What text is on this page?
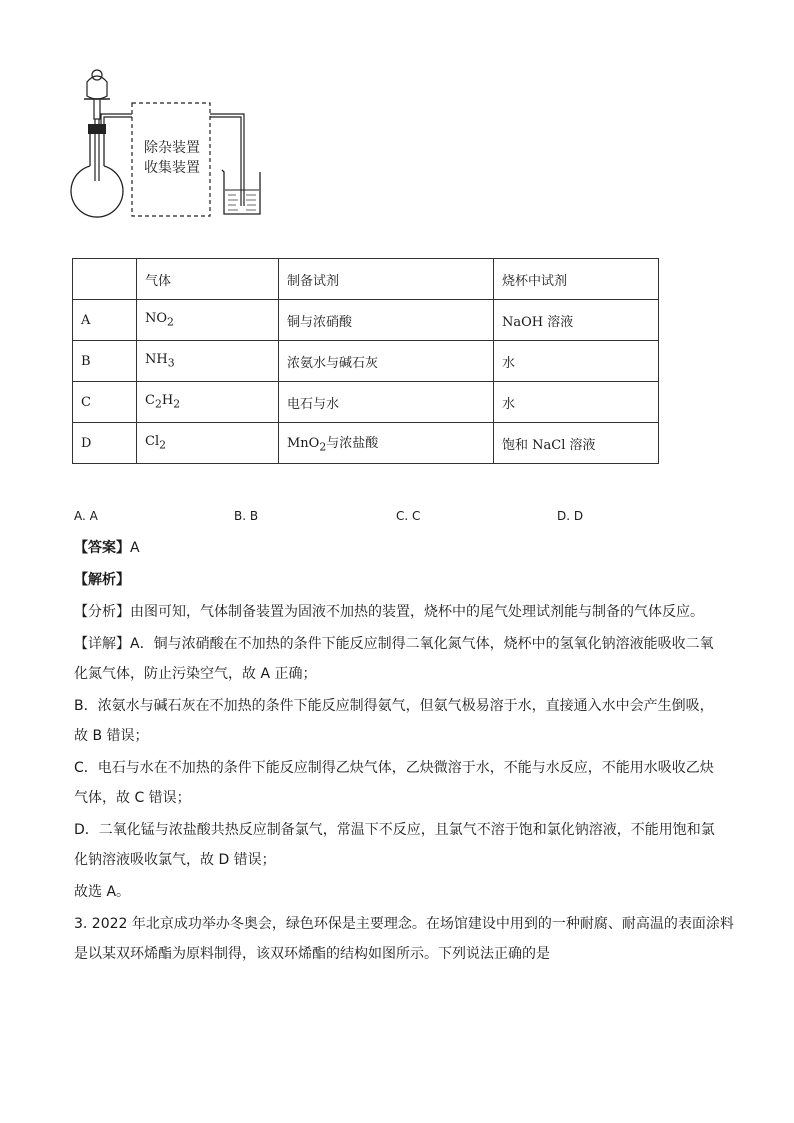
除杂装置
收集装置
	气体	制备试剂	烧杯中试剂
A	$NO_2$	铜与浓硝酸	NaOH 溶液
B	$NH_3$	浓氨水与碱石灰	水
C	$C_2H_2$	电石与水	水
D	$Cl_2$	MnO$_2$与浓盐酸	饱和 NaCl 溶液
A. A	B. B	C. C	D. D
【答案】A
【解析】
【分析】由图可知，气体制备装置为固液不加热的装置，烧杯中的尾气处理试剂能与制备的气体反应。
【详解】A．铜与浓硝酸在不加热的条件下能反应制得二氧化氮气体，烧杯中的氢氧化钠溶液能吸收二氧
化氮气体，防止污染空气，故 A 正确；
B．浓氨水与碱石灰在不加热的条件下能反应制得氨气，但氨气极易溶于水，直接通入水中会产生倒吸，
故 B 错误；
C．电石与水在不加热的条件下能反应制得乙炔气体，乙炔微溶于水，不能与水反应，不能用水吸收乙炔
气体，故 C 错误；
D．二氧化锰与浓盐酸共热反应制备氯气，常温下不反应，且氯气不溶于饱和氯化钠溶液，不能用饱和氯
化钠溶液吸收氯气，故 D 错误；
故选 A。
3. 2022 年北京成功举办冬奥会，绿色环保是主要理念。在场馆建设中用到的一种耐腐、耐高温的表面涂料
是以某双环烯酯为原料制得，该双环烯酯的结构如图所示。下列说法正确的是
